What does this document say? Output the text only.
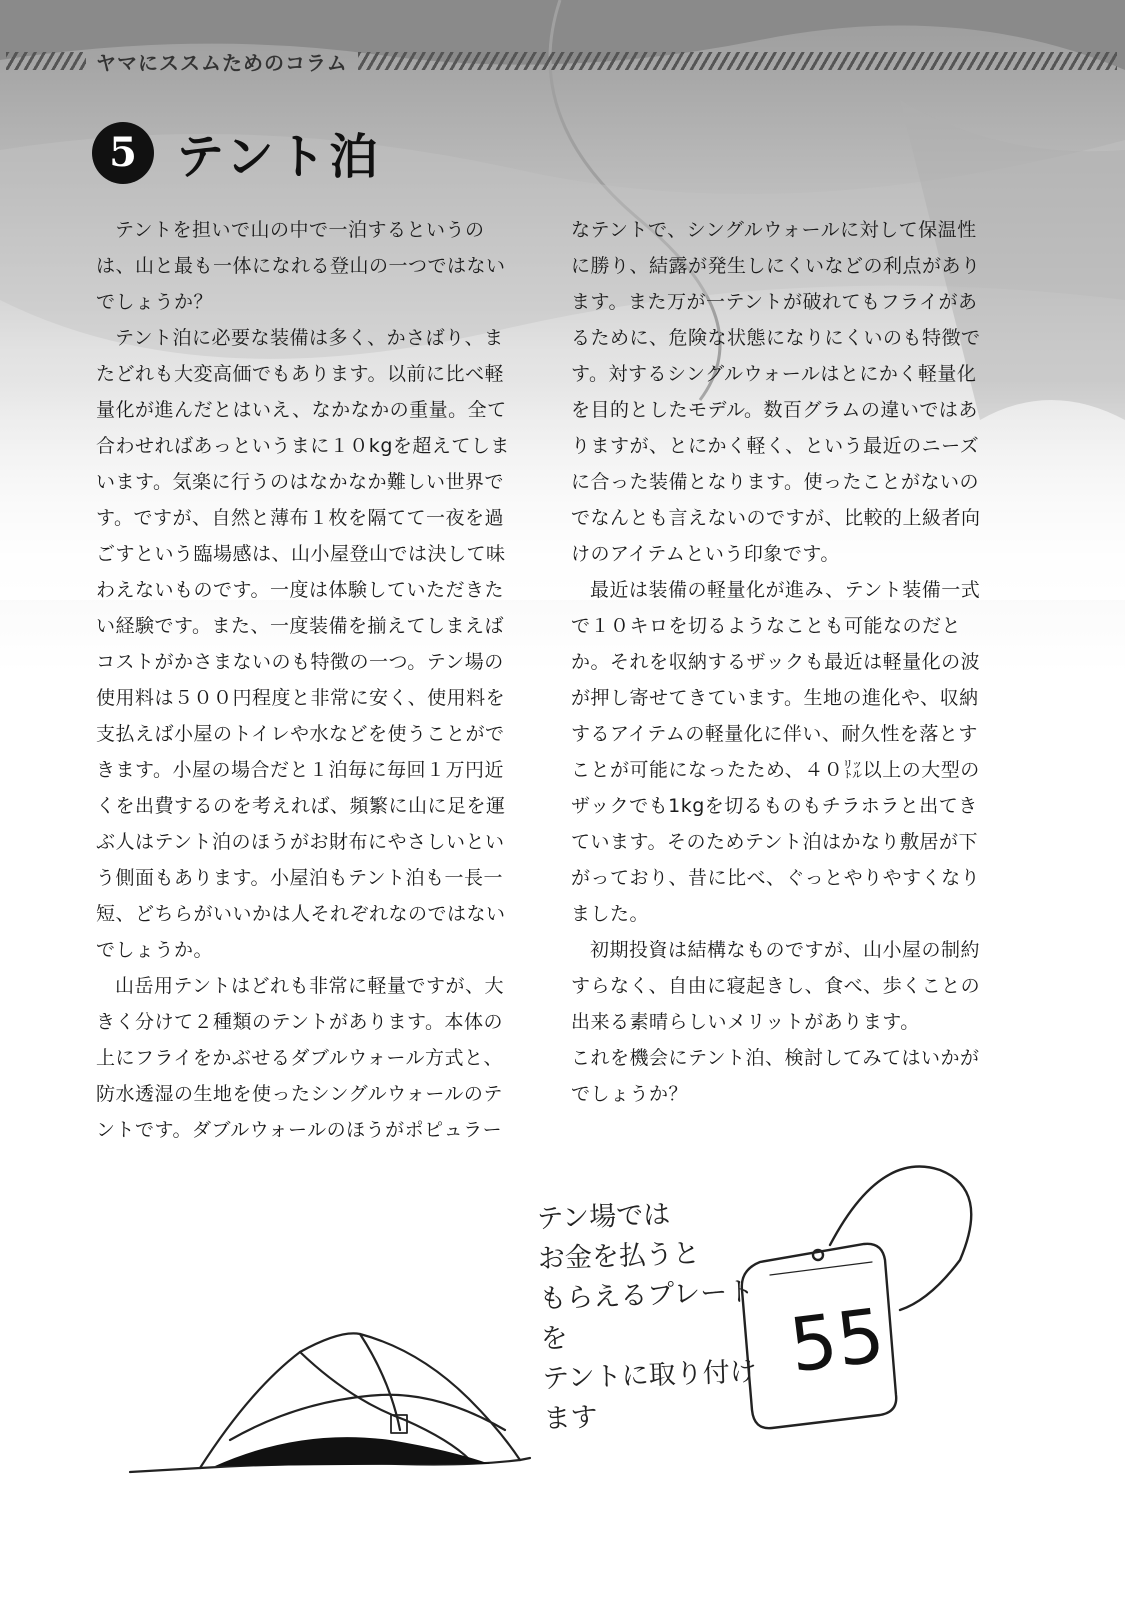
ヤマにススムためのコラム
5 テント泊

テントを担いで山の中で一泊するというのは、山と最も一体になれる登山の一つではないでしょうか？

テント泊に必要な装備は多く、かさばり、またどれも大変高価でもあります。以前に比べ軽量化が進んだとはいえ、なかなかの重量。全て合わせればあっというまに１０kgを超えてしまいます。気楽に行うのはなかなか難しい世界です。ですが、自然と薄布１枚を隔てて一夜を過ごすという臨場感は、山小屋登山では決して味わえないものです。一度は体験していただきたい経験です。また、一度装備を揃えてしまえばコストがかさまないのも特徴の一つ。テン場の使用料は５００円程度と非常に安く、使用料を支払えば小屋のトイレや水などを使うことができます。小屋の場合だと１泊毎に毎回１万円近くを出費するのを考えれば、頻繁に山に足を運ぶ人はテント泊のほうがお財布にやさしいという側面もあります。小屋泊もテント泊も一長一短、どちらがいいかは人それぞれなのではないでしょうか。

山岳用テントはどれも非常に軽量ですが、大きく分けて２種類のテントがあります。本体の上にフライをかぶせるダブルウォール方式と、防水透湿の生地を使ったシングルウォールのテントです。ダブルウォールのほうがポピュラー

なテントで、シングルウォールに対して保温性に勝り、結露が発生しにくいなどの利点があります。また万が一テントが破れてもフライがあるために、危険な状態になりにくいのも特徴です。対するシングルウォールはとにかく軽量化を目的としたモデル。数百グラムの違いではありますが、とにかく軽く、という最近のニーズに合った装備となります。使ったことがないのでなんとも言えないのですが、比較的上級者向けのアイテムという印象です。

最近は装備の軽量化が進み、テント装備一式で１０キロを切るようなことも可能なのだとか。それを収納するザックも最近は軽量化の波が押し寄せてきています。生地の進化や、収納するアイテムの軽量化に伴い、耐久性を落とすことが可能になったため、４０㍑以上の大型のザックでも1kgを切るものもチラホラと出てきています。そのためテント泊はかなり敷居が下がっており、昔に比べ、ぐっとやりやすくなりました。

初期投資は結構なものですが、山小屋の制約すらなく、自由に寝起きし、食べ、歩くことの出来る素晴らしいメリットがあります。

これを機会にテント泊、検討してみてはいかがでしょうか？

55
テン場では
お金を払うと
もらえるプレートを
テントに取り付け
ます
